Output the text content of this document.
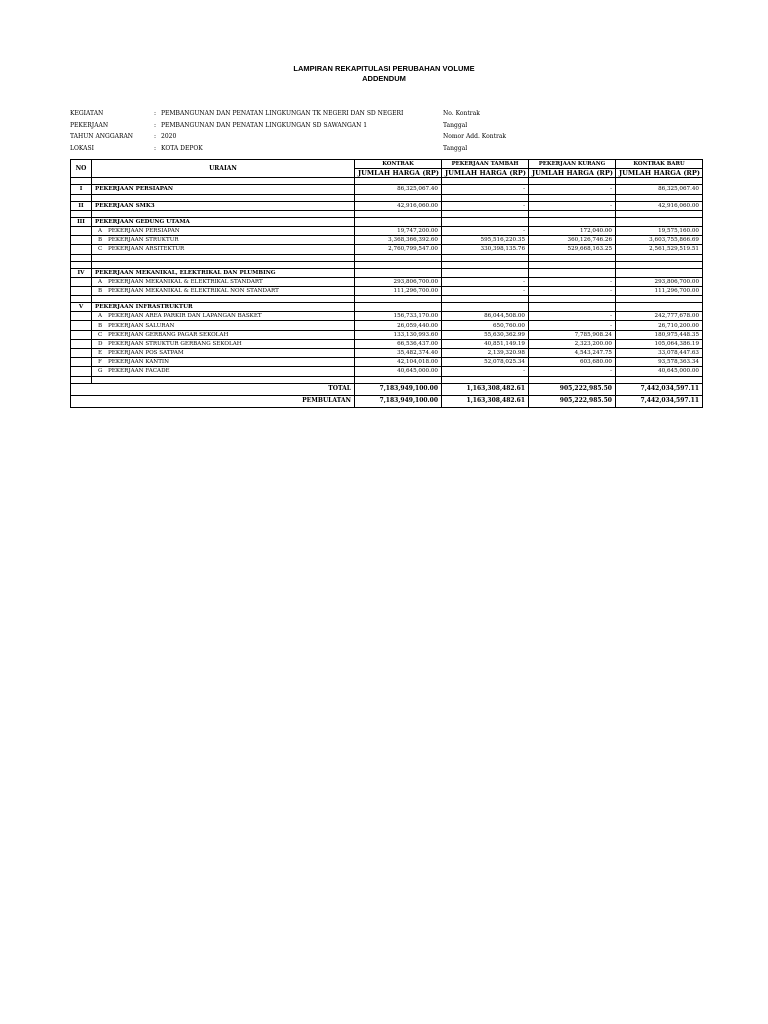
LAMPIRAN REKAPITULASI PERUBAHAN VOLUME
ADDENDUM
KEGIATAN	: PEMBANGUNAN DAN PENATAN LINGKUNGAN TK NEGERI DAN SD NEGERI	No. Kontrak
PEKERJAAN	: PEMBANGUNAN DAN PENATAN LINGKUNGAN SD SAWANGAN 1	Tanggal
TAHUN ANGGARAN	: 2020	Nomor Add. Kontrak
LOKASI	: KOTA DEPOK	Tanggal
NO	URAIAN	KONTRAK	PEKERJAAN TAMBAH	PEKERJAAN KURANG	KONTRAK BARU
		JUMLAH HARGA (RP)	JUMLAH HARGA (RP)	JUMLAH HARGA (RP)	JUMLAH HARGA (RP)

I	PEKERJAAN PERSIAPAN	86,325,067.40	-	-	86,325,067.40

II	PEKERJAAN SMK3	42,916,060.00	-	-	42,916,060.00

III	PEKERJAAN GEDUNG UTAMA				
	A PEKERJAAN PERSIAPAN	19,747,200.00	-	172,040.00	19,575,160.00
	B PEKERJAAN STRUKTUR	3,368,366,392.60	595,516,220.35	360,126,746.26	3,603,755,866.69
	C PEKERJAAN ARSITEKTUR	2,760,799,547.00	330,398,135.76	529,668,163.25	2,561,529,519.51

IV	PEKERJAAN MEKANIKAL, ELEKTRIKAL DAN PLUMBING				
	A PEKERJAAN MEKANIKAL & ELEKTRIKAL STANDART	293,806,700.00	-	-	293,806,700.00
	B PEKERJAAN MEKANIKAL & ELEKTRIKAL NON STANDART	111,296,700.00	-	-	111,296,700.00

V	PEKERJAAN INFRASTRUKTUR				
	A PEKERJAAN AREA PARKIR DAN LAPANGAN BASKET	156,733,170.00	86,044,508.00	-	242,777,678.00
	B PEKERJAAN SALURAN	26,059,440.00	650,760.00	-	26,710,200.00
	C PEKERJAAN GERBANG PAGAR SEKOLAH	133,130,993.60	55,630,362.99	7,785,908.24	180,975,448.35
	D PEKERJAAN STRUKTUR GERBANG SEKOLAH	66,536,437.00	40,851,149.19	2,323,200.00	105,064,386.19
	E PEKERJAAN POS SATPAM	35,482,374.40	2,139,320.98	4,543,247.75	33,078,447.63
	F PEKERJAAN KANTIN	42,104,018.00	52,078,025.34	603,680.00	93,578,363.34
	G PEKERJAAN FACADE	40,645,000.00	-	-	40,645,000.00

TOTAL		7,183,949,100.00	1,163,308,482.61	905,222,985.50	7,442,034,597.11
PEMBULATAN		7,183,949,100.00	1,163,308,482.61	905,222,985.50	7,442,034,597.11
